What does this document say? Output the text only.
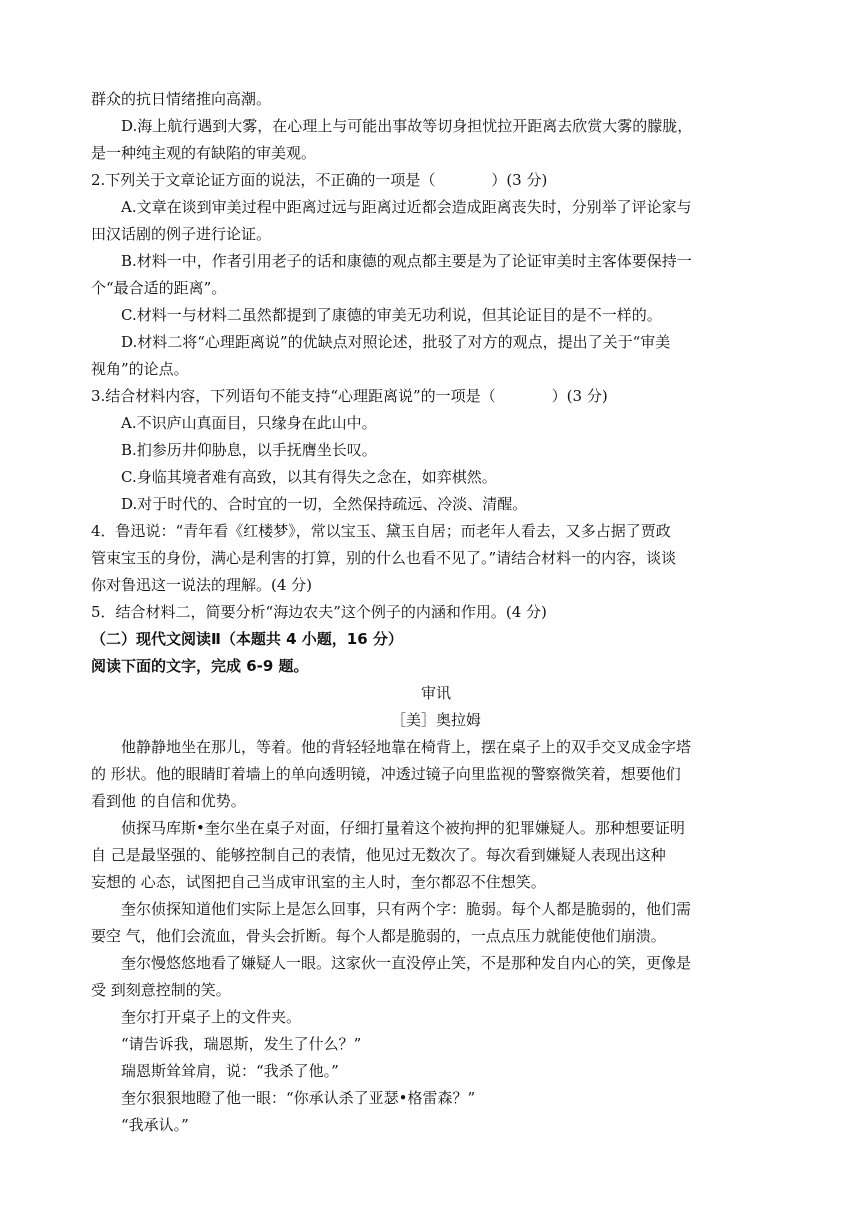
群众的抗日情绪推向高潮。

D.海上航行遇到大雾，在心理上与可能出事故等切身担忧拉开距离去欣赏大雾的朦胧，

是一种纯主观的有缺陷的审美观。

2.下列关于文章论证方面的说法，不正确的一项是（	）(3 分)

A.文章在谈到审美过程中距离过远与距离过近都会造成距离丧失时，分别举了评论家与

田汉话剧的例子进行论证。

B.材料一中，作者引用老子的话和康德的观点都主要是为了论证审美时主客体要保持一

个“最合适的距离”。

C.材料一与材料二虽然都提到了康德的审美无功利说，但其论证目的是不一样的。

D.材料二将“心理距离说”的优缺点对照论述，批驳了对方的观点，提出了关于“审美

视角”的论点。

3.结合材料内容，下列语句不能支持“心理距离说”的一项是（	）(3 分)

A.不识庐山真面目，只缘身在此山中。

B.扪参历井仰胁息，以手抚膺坐长叹。

C.身临其境者难有高致，以其有得失之念在，如弈棋然。

D.对于时代的、合时宜的一切，全然保持疏远、冷淡、清醒。

4．鲁迅说：“青年看《红楼梦》，常以宝玉、黛玉自居；而老年人看去，又多占据了贾政

管束宝玉的身份，满心是利害的打算，别的什么也看不见了。”请结合材料一的内容，谈谈

你对鲁迅这一说法的理解。(4 分)

5．结合材料二，简要分析“海边农夫”这个例子的内涵和作用。(4 分)

（二）现代文阅读Ⅱ（本题共 4 小题，16 分）

阅读下面的文字，完成 6-9 题。

审讯

［美］奥拉姆

他静静地坐在那儿，等着。他的背轻轻地靠在椅背上，摆在桌子上的双手交叉成金字塔

的 形状。他的眼睛盯着墙上的单向透明镜，冲透过镜子向里监视的警察微笑着，想要他们

看到他 的自信和优势。

侦探马库斯•奎尔坐在桌子对面，仔细打量着这个被拘押的犯罪嫌疑人。那种想要证明

自 己是最坚强的、能够控制自己的表情，他见过无数次了。每次看到嫌疑人表现出这种

妄想的 心态，试图把自己当成审讯室的主人时，奎尔都忍不住想笑。

奎尔侦探知道他们实际上是怎么回事，只有两个字：脆弱。每个人都是脆弱的，他们需

要空 气，他们会流血，骨头会折断。每个人都是脆弱的，一点点压力就能使他们崩溃。

奎尔慢悠悠地看了嫌疑人一眼。这家伙一直没停止笑，不是那种发自内心的笑，更像是

受 到刻意控制的笑。

奎尔打开桌子上的文件夹。

“请告诉我，瑞恩斯，发生了什么？”

瑞恩斯耸耸肩，说：“我杀了他。”

奎尔狠狠地瞪了他一眼：“你承认杀了亚瑟•格雷森？”

“我承认。”
